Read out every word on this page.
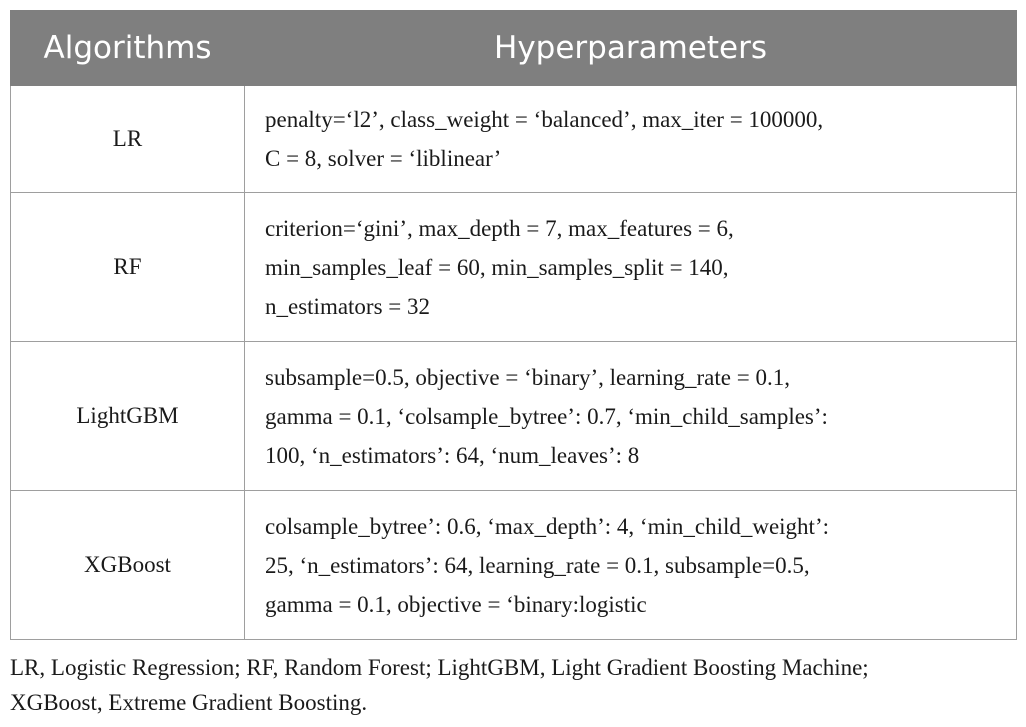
Algorithms	Hyperparameters
LR	penalty=‘l2’, class_weight = ‘balanced’, max_iter = 100000,
C = 8, solver = ‘liblinear’

RF	criterion=‘gini’, max_depth = 7, max_features = 6,
min_samples_leaf = 60, min_samples_split = 140,
n_estimators = 32

LightGBM	subsample=0.5, objective = ‘binary’, learning_rate = 0.1,
gamma = 0.1, ‘colsample_bytree’: 0.7, ‘min_child_samples’:
100, ‘n_estimators’: 64, ‘num_leaves’: 8

XGBoost	colsample_bytree’: 0.6, ‘max_depth’: 4, ‘min_child_weight’:
25, ‘n_estimators’: 64, learning_rate = 0.1, subsample=0.5,
gamma = 0.1, objective = ‘binary:logistic
LR, Logistic Regression; RF, Random Forest; LightGBM, Light Gradient Boosting Machine;
XGBoost, Extreme Gradient Boosting.
